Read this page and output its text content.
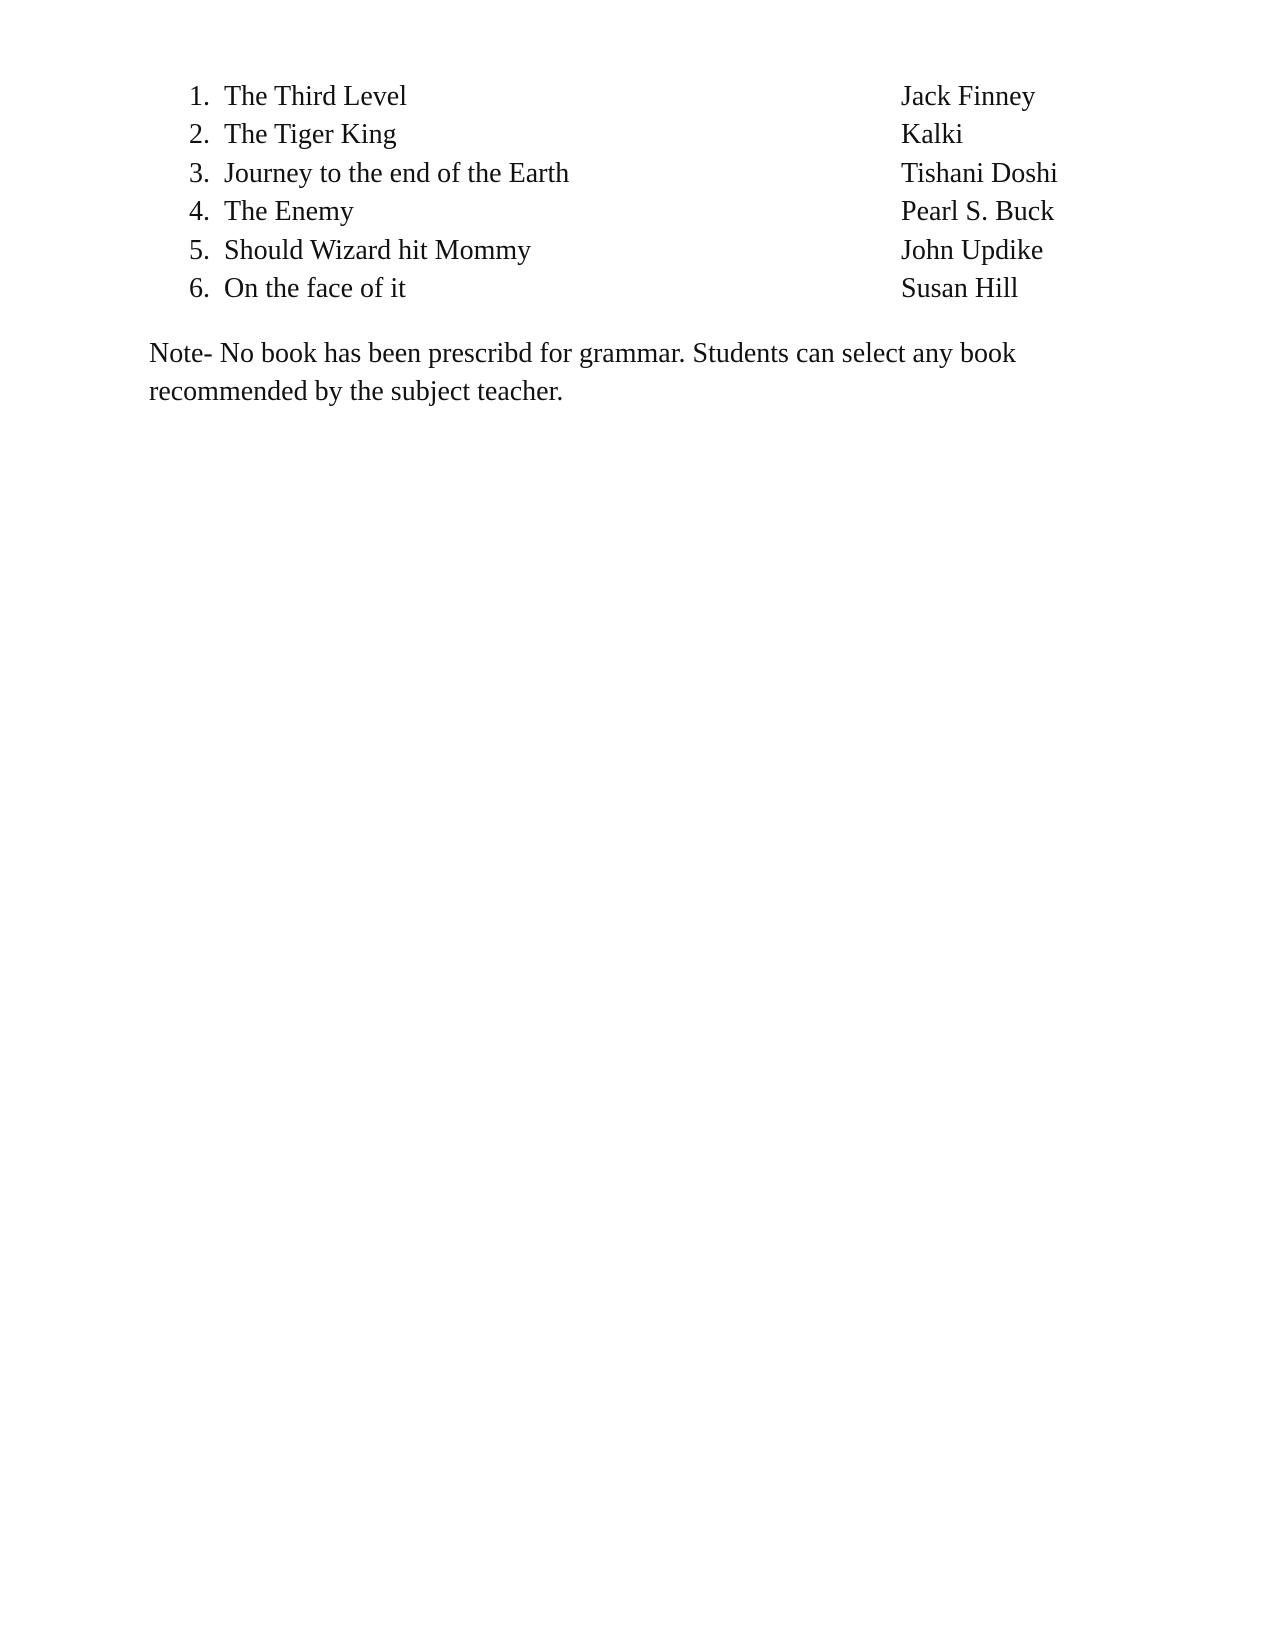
1. The Third Level	Jack Finney
2. The Tiger King	Kalki
3. Journey to the end of the Earth	Tishani Doshi
4. The Enemy	Pearl S. Buck
5. Should Wizard hit Mommy	John Updike
6. On the face of it	Susan Hill

Note- No book has been prescribd for grammar. Students can select any book recommended by the subject teacher.
